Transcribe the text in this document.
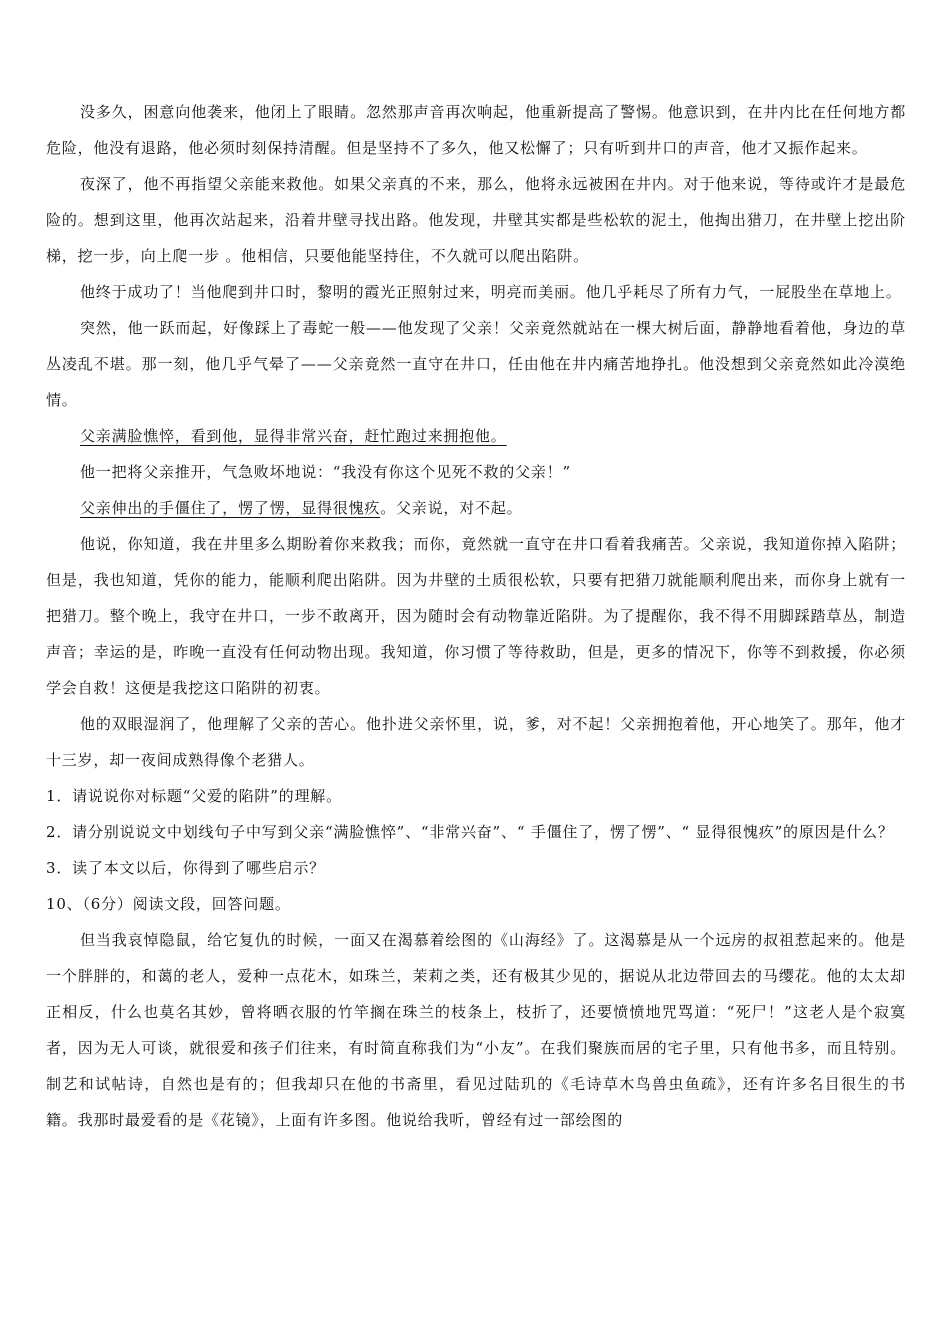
没多久，困意向他袭来，他闭上了眼睛。忽然那声音再次响起，他重新提高了警惕。他意识到，在井内比在任何地方都危险，他没有退路，他必须时刻保持清醒。但是坚持不了多久，他又松懈了；只有听到井口的声音，他才又振作起来。

夜深了，他不再指望父亲能来救他。如果父亲真的不来，那么，他将永远被困在井内。对于他来说，等待或许才是最危险的。想到这里，他再次站起来，沿着井壁寻找出路。他发现，井壁其实都是些松软的泥土，他掏出猎刀，在井壁上挖出阶梯，挖一步，向上爬一步 。他相信，只要他能坚持住，不久就可以爬出陷阱。

他终于成功了！当他爬到井口时，黎明的霞光正照射过来，明亮而美丽。他几乎耗尽了所有力气，一屁股坐在草地上。

突然，他一跃而起，好像踩上了毒蛇一般——他发现了父亲！父亲竟然就站在一棵大树后面，静静地看着他，身边的草丛凌乱不堪。那一刻，他几乎气晕了——父亲竟然一直守在井口，任由他在井内痛苦地挣扎。他没想到父亲竟然如此冷漠绝情。

父亲满脸憔悴，看到他，显得非常兴奋，赶忙跑过来拥抱他。

他一把将父亲推开，气急败坏地说：“我没有你这个见死不救的父亲！”

父亲伸出的手僵住了，愣了愣，显得很愧疚。父亲说，对不起。

他说，你知道，我在井里多么期盼着你来救我；而你，竟然就一直守在井口看着我痛苦。父亲说，我知道你掉入陷阱；但是，我也知道，凭你的能力，能顺利爬出陷阱。因为井壁的土质很松软，只要有把猎刀就能顺利爬出来，而你身上就有一把猎刀。整个晚上，我守在井口，一步不敢离开，因为随时会有动物靠近陷阱。为了提醒你，我不得不用脚踩踏草丛，制造声音；幸运的是，昨晚一直没有任何动物出现。我知道，你习惯了等待救助，但是，更多的情况下，你等不到救援，你必须学会自救！这便是我挖这口陷阱的初衷。

他的双眼湿润了，他理解了父亲的苦心。他扑进父亲怀里，说，爹，对不起！父亲拥抱着他，开心地笑了。那年，他才十三岁，却一夜间成熟得像个老猎人。

1．请说说你对标题“父爱的陷阱”的理解。

2．请分别说说文中划线句子中写到父亲“满脸憔悴”、“非常兴奋”、“ 手僵住了，愣了愣”、“ 显得很愧疚”的原因是什么？

3．读了本文以后，你得到了哪些启示？

10、（6分）阅读文段，回答问题。

但当我哀悼隐鼠，给它复仇的时候，一面又在渴慕着绘图的《山海经》了。这渴慕是从一个远房的叔祖惹起来的。他是一个胖胖的，和蔼的老人，爱种一点花木，如珠兰，茉莉之类，还有极其少见的，据说从北边带回去的马缨花。他的太太却正相反，什么也莫名其妙，曾将晒衣服的竹竿搁在珠兰的枝条上，枝折了，还要愤愤地咒骂道：“死尸！”这老人是个寂寞者，因为无人可谈，就很爱和孩子们往来，有时简直称我们为“小友”。在我们聚族而居的宅子里，只有他书多，而且特别。制艺和试帖诗，自然也是有的；但我却只在他的书斋里，看见过陆玑的《毛诗草木鸟兽虫鱼疏》，还有许多名目很生的书籍。我那时最爱看的是《花镜》，上面有许多图。他说给我听，曾经有过一部绘图的
